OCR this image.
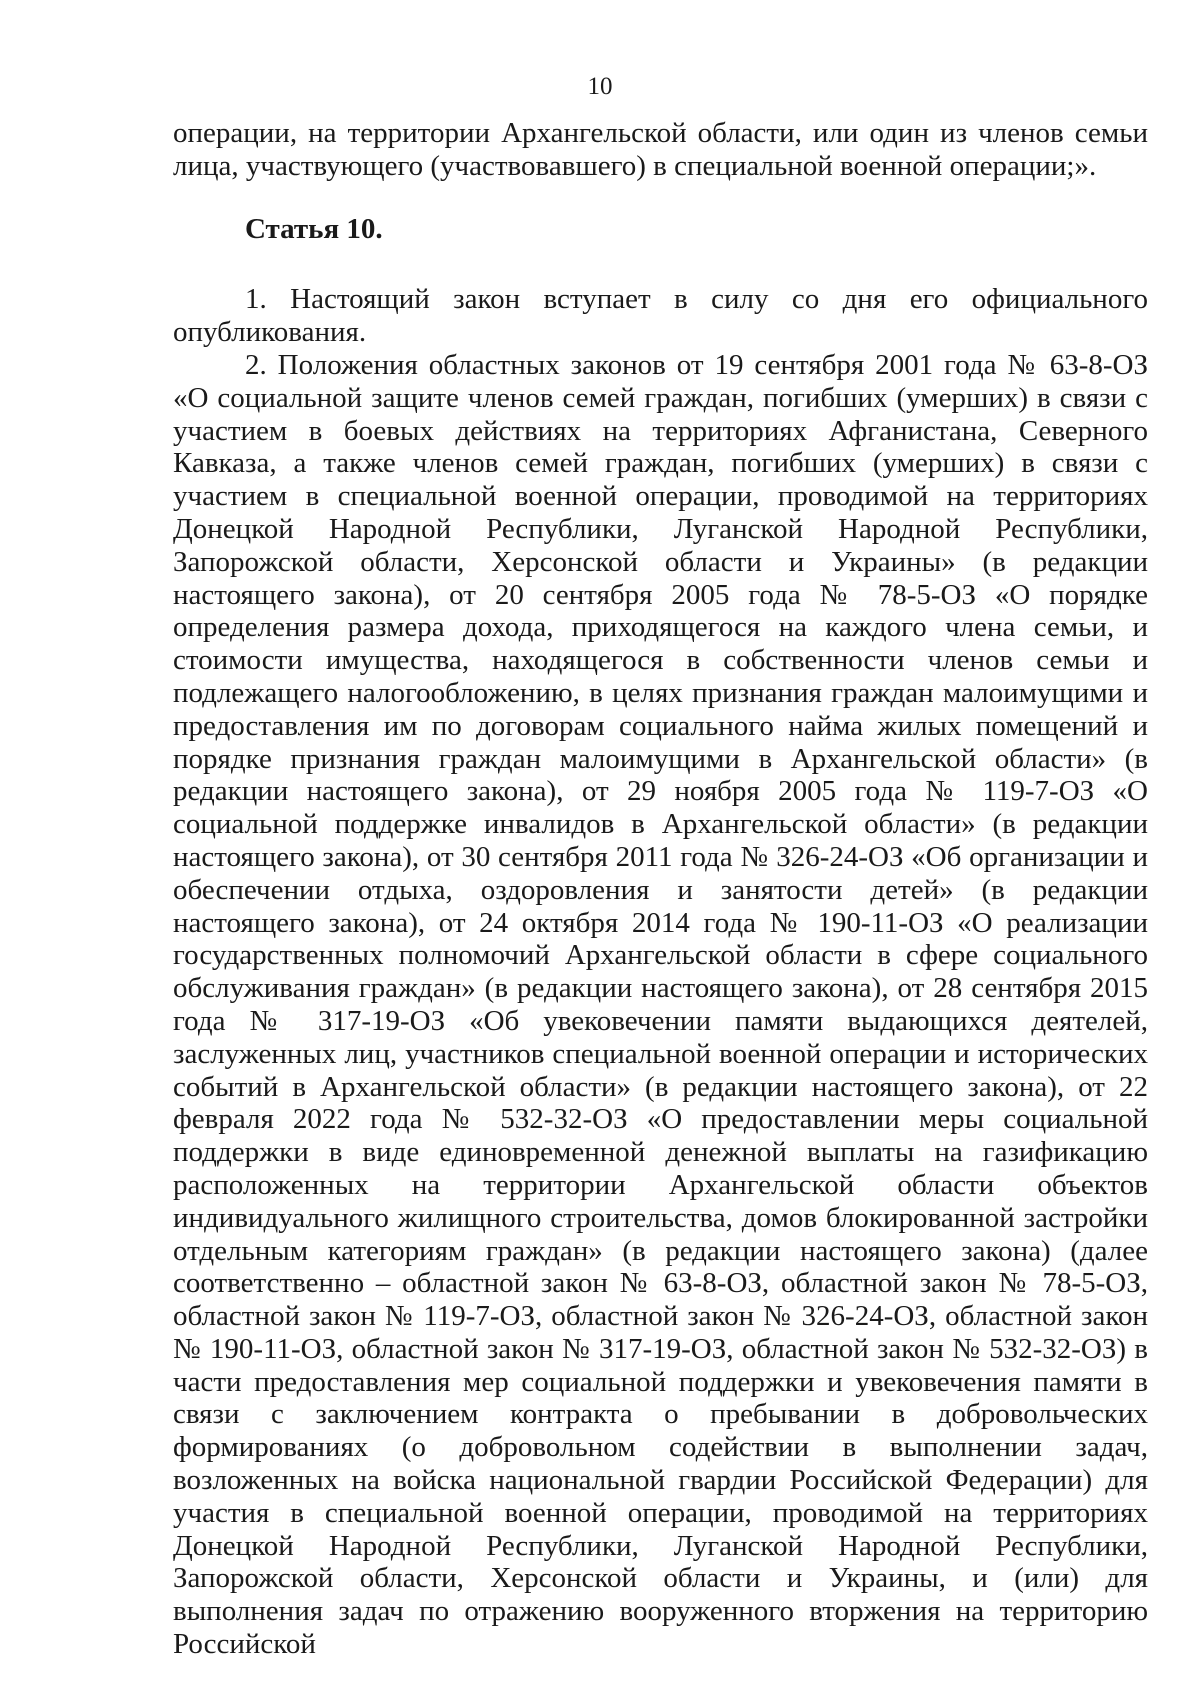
10

операции, на территории Архангельской области, или один из членов семьи лица, участвующего (участвовавшего) в специальной военной операции;».

Статья 10.

1. Настоящий закон вступает в силу со дня его официального опубликования.

2. Положения областных законов от 19 сентября 2001 года № 63-8-ОЗ «О социальной защите членов семей граждан, погибших (умерших) в связи с участием в боевых действиях на территориях Афганистана, Северного Кавказа, а также членов семей граждан, погибших (умерших) в связи с участием в специальной военной операции, проводимой на территориях Донецкой Народной Республики, Луганской Народной Республики, Запорожской области, Херсонской области и Украины» (в редакции настоящего закона), от 20 сентября 2005 года № 78-5-ОЗ «О порядке определения размера дохода, приходящегося на каждого члена семьи, и стоимости имущества, находящегося в собственности членов семьи и подлежащего налогообложению, в целях признания граждан малоимущими и предоставления им по договорам социального найма жилых помещений и порядке признания граждан малоимущими в Архангельской области» (в редакции настоящего закона), от 29 ноября 2005 года № 119-7-ОЗ «О социальной поддержке инвалидов в Архангельской области» (в редакции настоящего закона), от 30 сентября 2011 года № 326-24-ОЗ «Об организации и обеспечении отдыха, оздоровления и занятости детей» (в редакции настоящего закона), от 24 октября 2014 года № 190-11-ОЗ «О реализации государственных полномочий Архангельской области в сфере социального обслуживания граждан» (в редакции настоящего закона), от 28 сентября 2015 года № 317-19-ОЗ «Об увековечении памяти выдающихся деятелей, заслуженных лиц, участников специальной военной операции и исторических событий в Архангельской области» (в редакции настоящего закона), от 22 февраля 2022 года № 532-32-ОЗ «О предоставлении меры социальной поддержки в виде единовременной денежной выплаты на газификацию расположенных на территории Архангельской области объектов индивидуального жилищного строительства, домов блокированной застройки отдельным категориям граждан» (в редакции настоящего закона) (далее соответственно – областной закон № 63-8-ОЗ, областной закон № 78-5-ОЗ, областной закон № 119-7-ОЗ, областной закон № 326-24-ОЗ, областной закон № 190-11-ОЗ, областной закон № 317-19-ОЗ, областной закон № 532-32-ОЗ) в части предоставления мер социальной поддержки и увековечения памяти в связи с заключением контракта о пребывании в добровольческих формированиях (о добровольном содействии в выполнении задач, возложенных на войска национальной гвардии Российской Федерации) для участия в специальной военной операции, проводимой на территориях Донецкой Народной Республики, Луганской Народной Республики, Запорожской области, Херсонской области и Украины, и (или) для выполнения задач по отражению вооруженного вторжения на территорию Российской
